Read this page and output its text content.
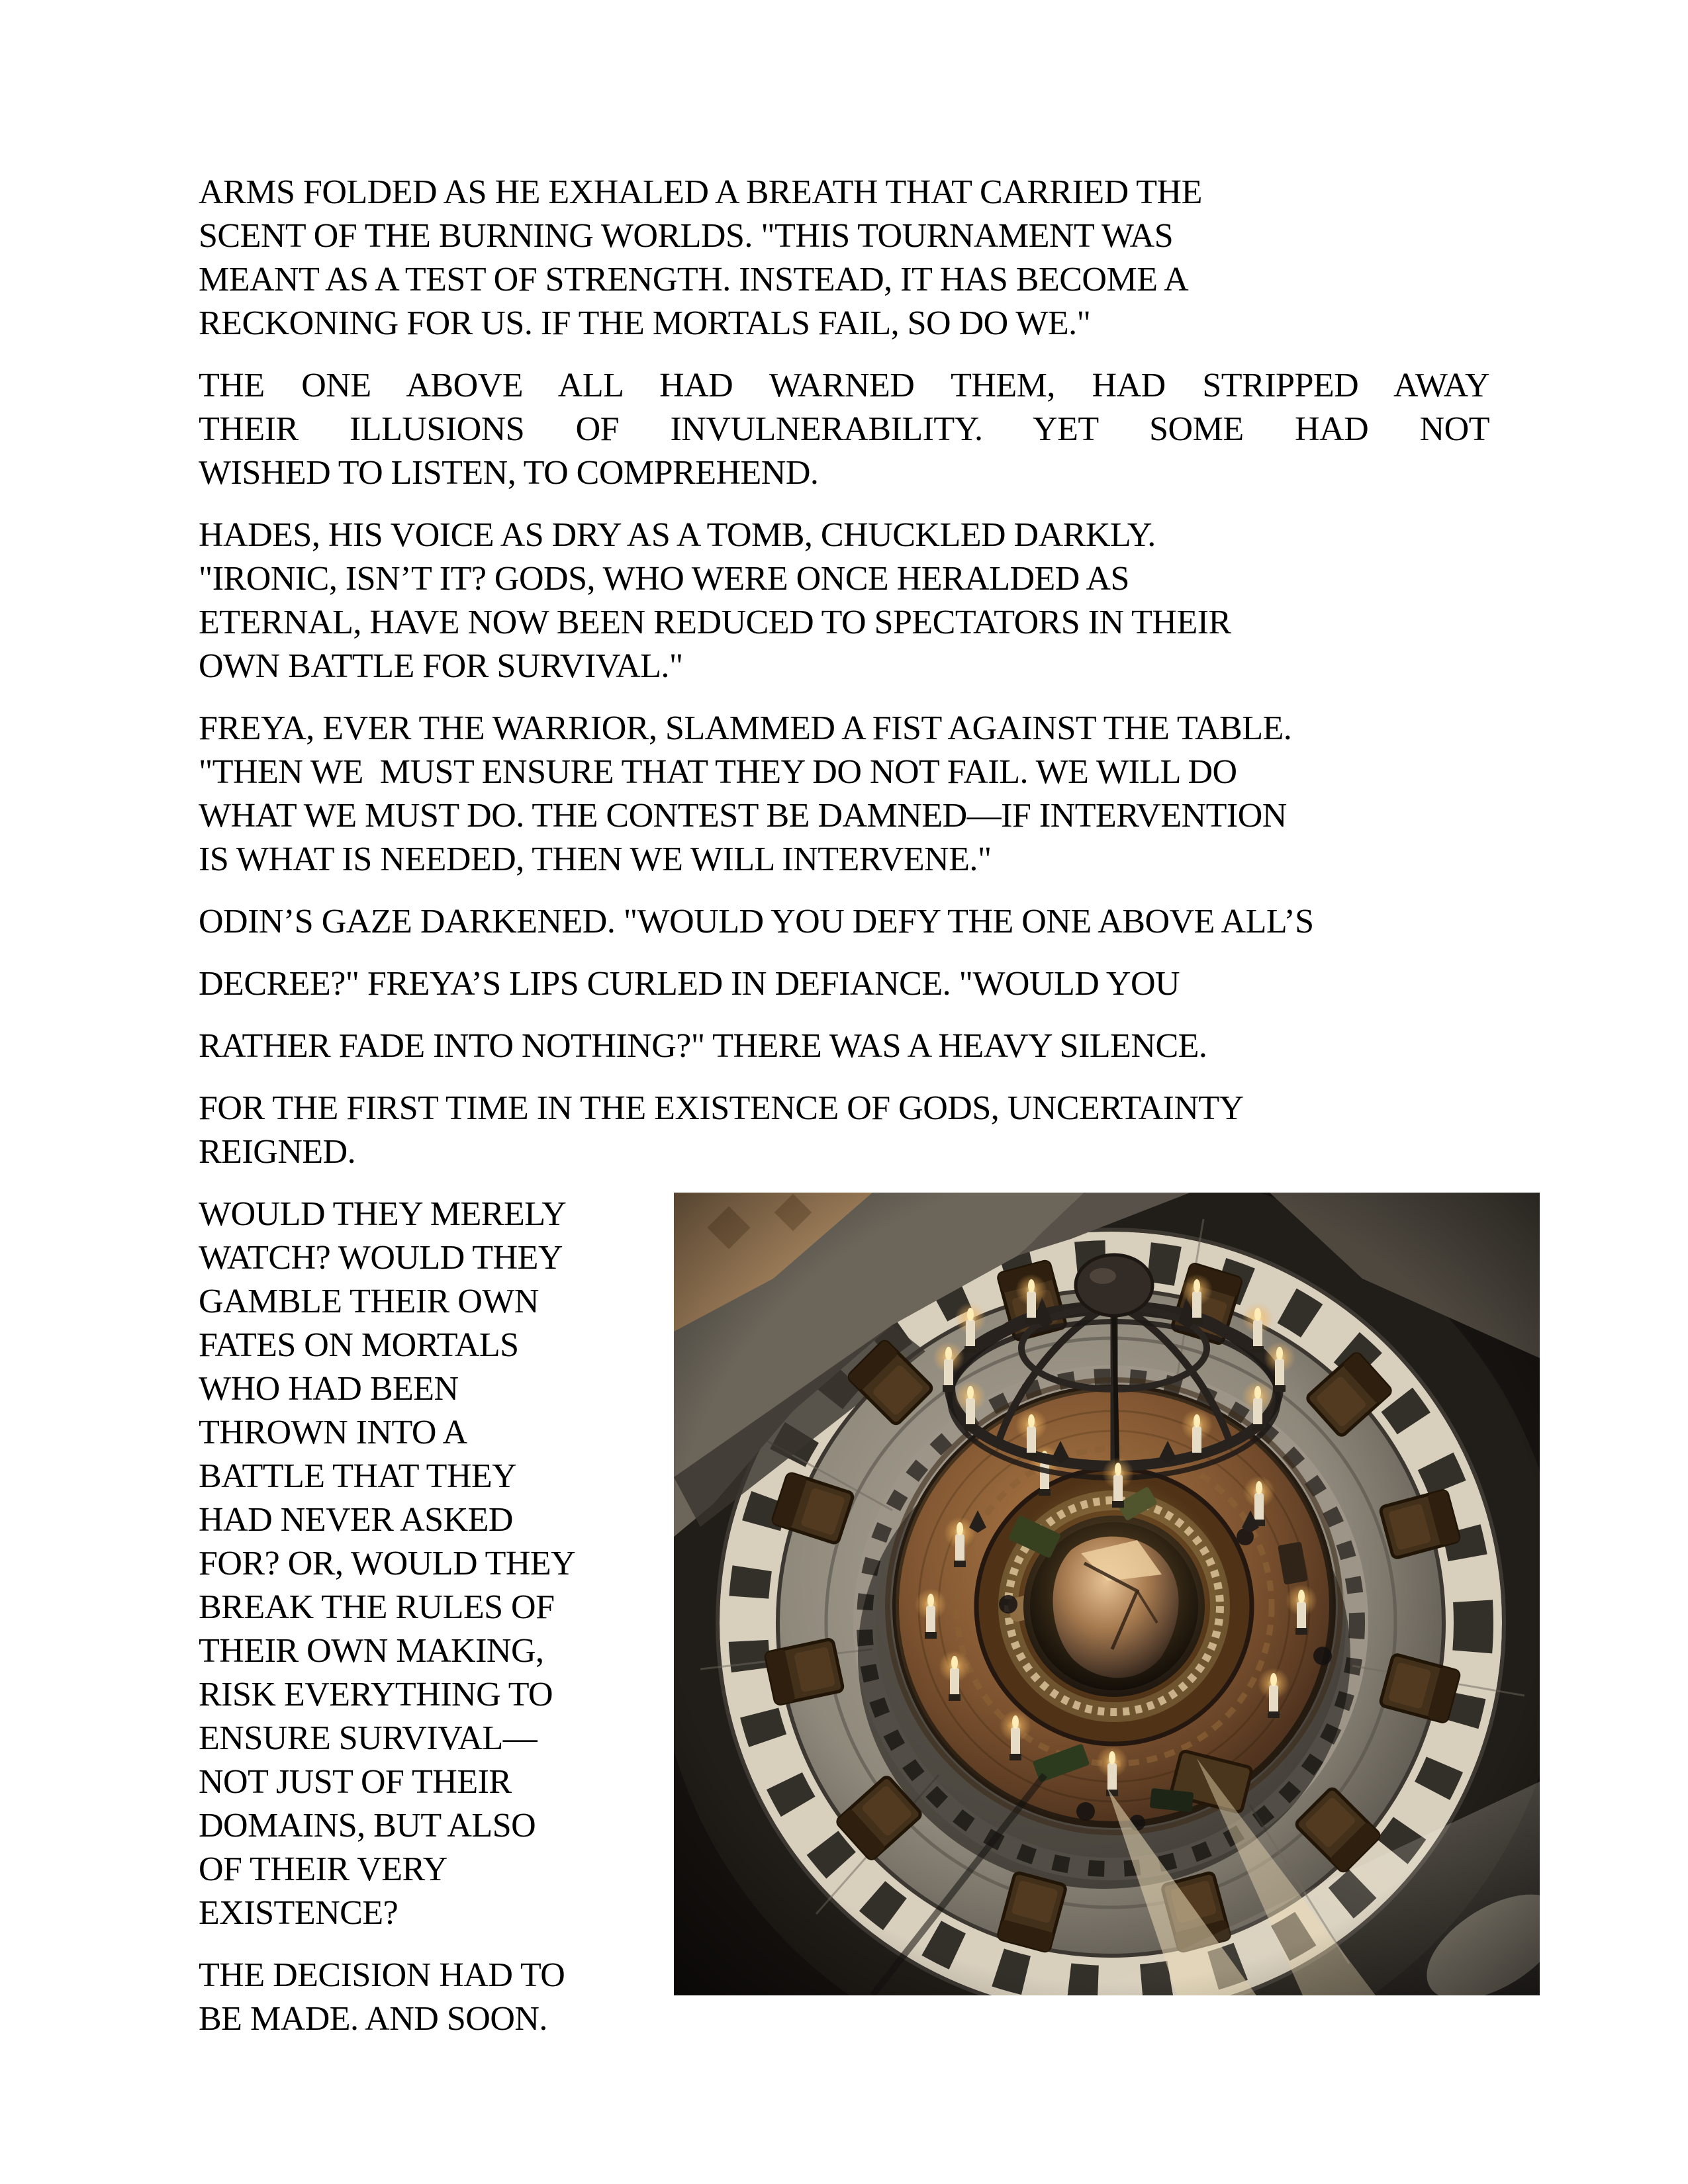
ARMS FOLDED AS HE EXHALED A BREATH THAT CARRIED THE
SCENT OF THE BURNING WORLDS. "THIS TOURNAMENT WAS
MEANT AS A TEST OF STRENGTH. INSTEAD, IT HAS BECOME A
RECKONING FOR US. IF THE MORTALS FAIL, SO DO WE."
THE ONE ABOVE ALL HAD WARNED THEM, HAD STRIPPED AWAY
THEIR ILLUSIONS OF INVULNERABILITY. YET SOME HAD NOT
WISHED TO LISTEN, TO COMPREHEND.
HADES, HIS VOICE AS DRY AS A TOMB, CHUCKLED DARKLY.
"IRONIC, ISN’T IT? GODS, WHO WERE ONCE HERALDED AS
ETERNAL, HAVE NOW BEEN REDUCED TO SPECTATORS IN THEIR
OWN BATTLE FOR SURVIVAL."
FREYA, EVER THE WARRIOR, SLAMMED A FIST AGAINST THE TABLE.
"THEN WE  MUST ENSURE THAT THEY DO NOT FAIL. WE WILL DO
WHAT WE MUST DO. THE CONTEST BE DAMNED—IF INTERVENTION
IS WHAT IS NEEDED, THEN WE WILL INTERVENE."
ODIN’S GAZE DARKENED. "WOULD YOU DEFY THE ONE ABOVE ALL’S
DECREE?" FREYA’S LIPS CURLED IN DEFIANCE. "WOULD YOU
RATHER FADE INTO NOTHING?" THERE WAS A HEAVY SILENCE.
FOR THE FIRST TIME IN THE EXISTENCE OF GODS, UNCERTAINTY
REIGNED.
WOULD THEY MERELY
WATCH? WOULD THEY
GAMBLE THEIR OWN
FATES ON MORTALS
WHO HAD BEEN
THROWN INTO A
BATTLE THAT THEY
HAD NEVER ASKED
FOR? OR, WOULD THEY
BREAK THE RULES OF
THEIR OWN MAKING,
RISK EVERYTHING TO
ENSURE SURVIVAL—
NOT JUST OF THEIR
DOMAINS, BUT ALSO
OF THEIR VERY
EXISTENCE?
THE DECISION HAD TO
BE MADE. AND SOON.
